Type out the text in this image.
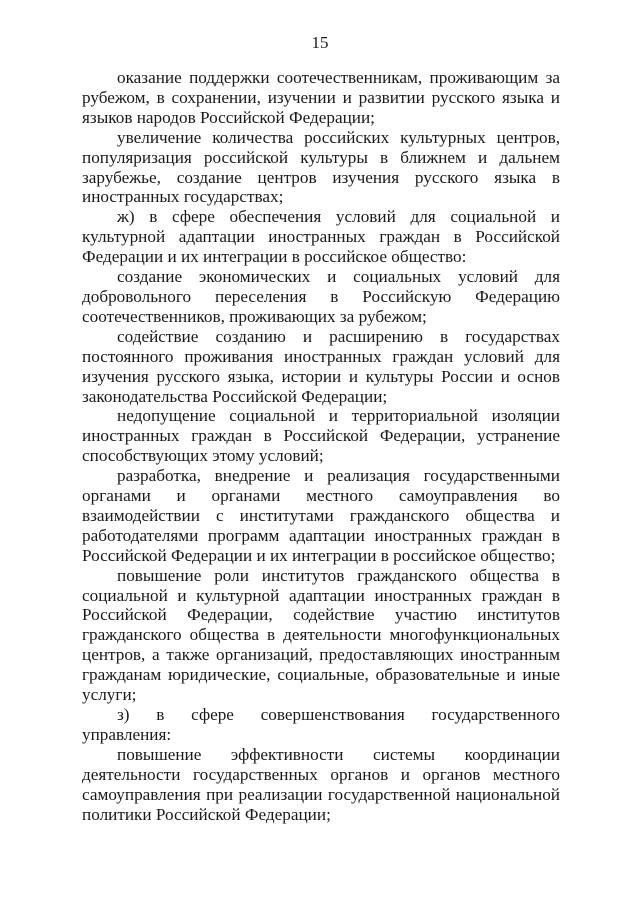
15

оказание поддержки соотечественникам, проживающим за рубежом, в сохранении, изучении и развитии русского языка и языков народов Российской Федерации;

увеличение количества российских культурных центров, популяризация российской культуры в ближнем и дальнем зарубежье, создание центров изучения русского языка в иностранных государствах;

ж) в сфере обеспечения условий для социальной и культурной адаптации иностранных граждан в Российской Федерации и их интеграции в российское общество:

создание экономических и социальных условий для добровольного переселения в Российскую Федерацию соотечественников, проживающих за рубежом;

содействие созданию и расширению в государствах постоянного проживания иностранных граждан условий для изучения русского языка, истории и культуры России и основ законодательства Российской Федерации;

недопущение социальной и территориальной изоляции иностранных граждан в Российской Федерации, устранение способствующих этому условий;

разработка, внедрение и реализация государственными органами и органами местного самоуправления во взаимодействии с институтами гражданского общества и работодателями программ адаптации иностранных граждан в Российской Федерации и их интеграции в российское общество;

повышение роли институтов гражданского общества в социальной и культурной адаптации иностранных граждан в Российской Федерации, содействие участию институтов гражданского общества в деятельности многофункциональных центров, а также организаций, предоставляющих иностранным гражданам юридические, социальные, образовательные и иные услуги;

з) в сфере совершенствования государственного управления:

повышение эффективности системы координации деятельности государственных органов и органов местного самоуправления при реализации государственной национальной политики Российской Федерации;
